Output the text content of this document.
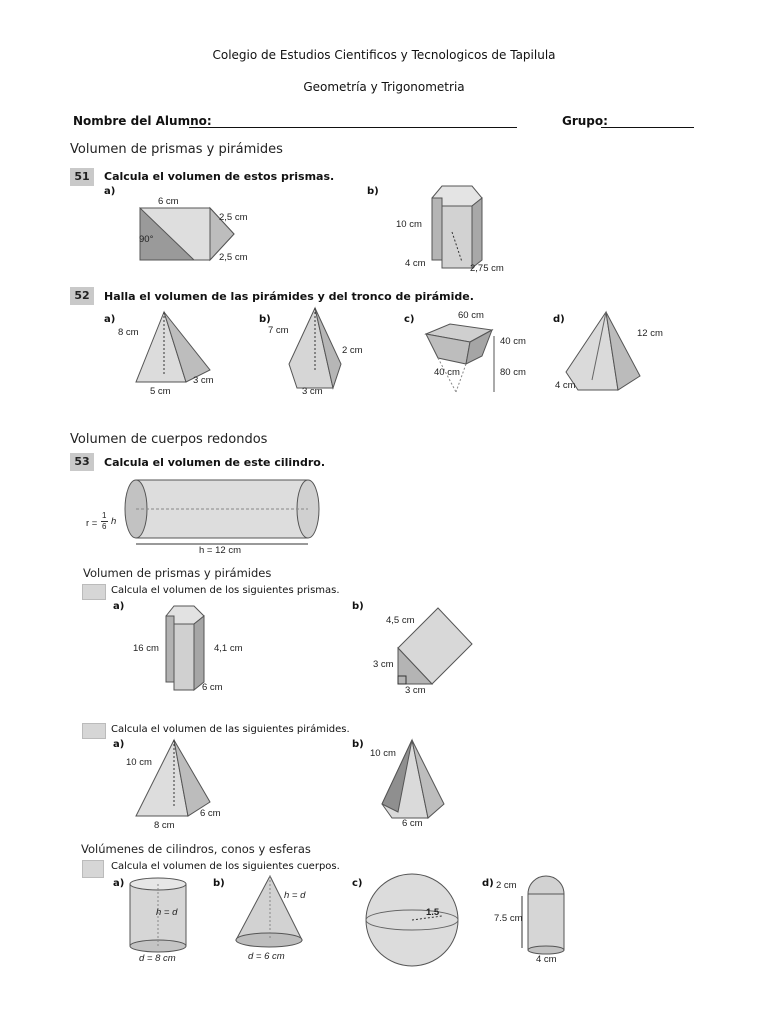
Colegio de Estudios Cientificos y Tecnologicos de Tapilula
Geometría y Trigonometria
Nombre del Alumno:	Grupo:
Volumen de prismas y pirámides
51	Calcula el volumen de estos prismas.
a)
6 cm
2,5 cm
90°
2,5 cm
b)
10 cm
4 cm	2,75 cm
52	Halla el volumen de las pirámides y del tronco de pirámide.
a)
8 cm
5 cm
3 cm
b)
7 cm
2 cm
3 cm
c)	60 cm
40 cm
40 cm	80 cm
d)
12 cm
4 cm
Volumen de cuerpos redondos
53	Calcula el volumen de este cilindro.
r =
1
6 h
h = 12 cm
Volumen de prismas y pirámides
Calcula el volumen de los siguientes prismas.
a)
16 cm	4,1 cm
6 cm
b)
4,5 cm
3 cm
3 cm
Calcula el volumen de las siguientes pirámides.
a)
10 cm
6 cm
8 cm
b)
10 cm
6 cm
Volúmenes de cilindros, conos y esferas
Calcula el volumen de los siguientes cuerpos.
a)
h = d
d = 8 cm
b)
h = d
d = 6 cm
c)
1.5
d) 2 cm
7.5 cm
4 cm
